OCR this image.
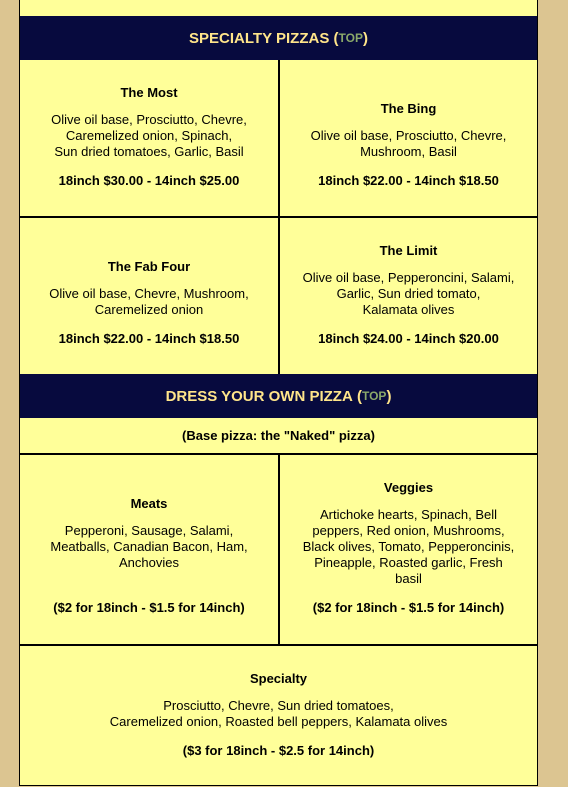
SPECIALTY PIZZAS
( TOP )
The Most
Olive oil base, Prosciutto, Chevre,
Caremelized onion, Spinach,
Sun dried tomatoes, Garlic, Basil
18inch $30.00 - 14inch $25.00
The Bing
Olive oil base, Prosciutto, Chevre,
Mushroom, Basil
18inch $22.00 - 14inch $18.50
The Fab Four
Olive oil base, Chevre, Mushroom,
Caremelized onion
18inch $22.00 - 14inch $18.50
The Limit
Olive oil base, Pepperoncini, Salami,
Garlic, Sun dried tomato,
Kalamata olives
18inch $24.00 - 14inch $20.00
DRESS YOUR OWN PIZZA
( TOP )
(Base pizza: the "Naked" pizza)
Meats
Pepperoni, Sausage, Salami,
Meatballs, Canadian Bacon, Ham,
Anchovies
($2 for 18inch - $1.5 for 14inch)
Veggies
Artichoke hearts, Spinach, Bell
peppers, Red onion, Mushrooms,
Black olives, Tomato, Pepperoncinis,
Pineapple, Roasted garlic, Fresh
basil
($2 for 18inch - $1.5 for 14inch)
Specialty
Prosciutto, Chevre, Sun dried tomatoes,
Caremelized onion, Roasted bell peppers, Kalamata olives
($3 for 18inch - $2.5 for 14inch)
